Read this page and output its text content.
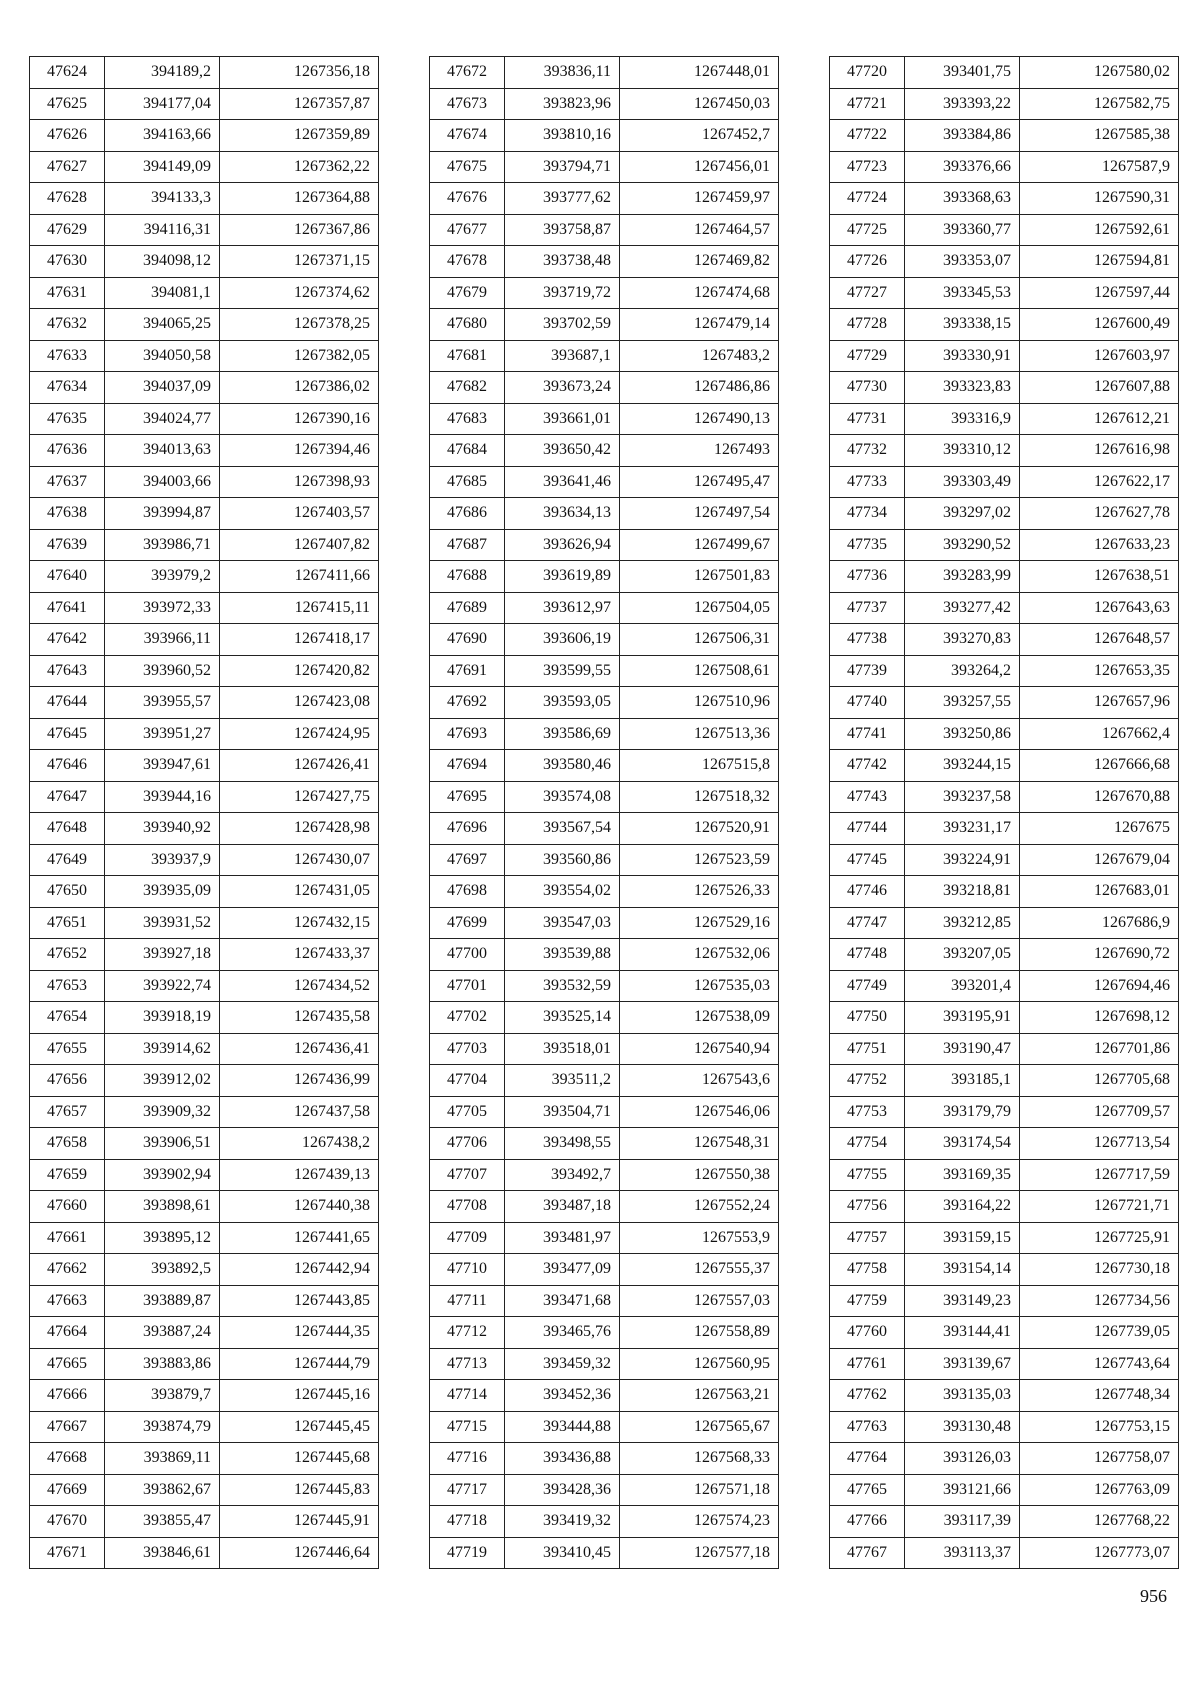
47624	394189,2	1267356,18
47625	394177,04	1267357,87
47626	394163,66	1267359,89
47627	394149,09	1267362,22
47628	394133,3	1267364,88
47629	394116,31	1267367,86
47630	394098,12	1267371,15
47631	394081,1	1267374,62
47632	394065,25	1267378,25
47633	394050,58	1267382,05
47634	394037,09	1267386,02
47635	394024,77	1267390,16
47636	394013,63	1267394,46
47637	394003,66	1267398,93
47638	393994,87	1267403,57
47639	393986,71	1267407,82
47640	393979,2	1267411,66
47641	393972,33	1267415,11
47642	393966,11	1267418,17
47643	393960,52	1267420,82
47644	393955,57	1267423,08
47645	393951,27	1267424,95
47646	393947,61	1267426,41
47647	393944,16	1267427,75
47648	393940,92	1267428,98
47649	393937,9	1267430,07
47650	393935,09	1267431,05
47651	393931,52	1267432,15
47652	393927,18	1267433,37
47653	393922,74	1267434,52
47654	393918,19	1267435,58
47655	393914,62	1267436,41
47656	393912,02	1267436,99
47657	393909,32	1267437,58
47658	393906,51	1267438,2
47659	393902,94	1267439,13
47660	393898,61	1267440,38
47661	393895,12	1267441,65
47662	393892,5	1267442,94
47663	393889,87	1267443,85
47664	393887,24	1267444,35
47665	393883,86	1267444,79
47666	393879,7	1267445,16
47667	393874,79	1267445,45
47668	393869,11	1267445,68
47669	393862,67	1267445,83
47670	393855,47	1267445,91
47671	393846,61	1267446,64
47672	393836,11	1267448,01
47673	393823,96	1267450,03
47674	393810,16	1267452,7
47675	393794,71	1267456,01
47676	393777,62	1267459,97
47677	393758,87	1267464,57
47678	393738,48	1267469,82
47679	393719,72	1267474,68
47680	393702,59	1267479,14
47681	393687,1	1267483,2
47682	393673,24	1267486,86
47683	393661,01	1267490,13
47684	393650,42	1267493
47685	393641,46	1267495,47
47686	393634,13	1267497,54
47687	393626,94	1267499,67
47688	393619,89	1267501,83
47689	393612,97	1267504,05
47690	393606,19	1267506,31
47691	393599,55	1267508,61
47692	393593,05	1267510,96
47693	393586,69	1267513,36
47694	393580,46	1267515,8
47695	393574,08	1267518,32
47696	393567,54	1267520,91
47697	393560,86	1267523,59
47698	393554,02	1267526,33
47699	393547,03	1267529,16
47700	393539,88	1267532,06
47701	393532,59	1267535,03
47702	393525,14	1267538,09
47703	393518,01	1267540,94
47704	393511,2	1267543,6
47705	393504,71	1267546,06
47706	393498,55	1267548,31
47707	393492,7	1267550,38
47708	393487,18	1267552,24
47709	393481,97	1267553,9
47710	393477,09	1267555,37
47711	393471,68	1267557,03
47712	393465,76	1267558,89
47713	393459,32	1267560,95
47714	393452,36	1267563,21
47715	393444,88	1267565,67
47716	393436,88	1267568,33
47717	393428,36	1267571,18
47718	393419,32	1267574,23
47719	393410,45	1267577,18
47720	393401,75	1267580,02
47721	393393,22	1267582,75
47722	393384,86	1267585,38
47723	393376,66	1267587,9
47724	393368,63	1267590,31
47725	393360,77	1267592,61
47726	393353,07	1267594,81
47727	393345,53	1267597,44
47728	393338,15	1267600,49
47729	393330,91	1267603,97
47730	393323,83	1267607,88
47731	393316,9	1267612,21
47732	393310,12	1267616,98
47733	393303,49	1267622,17
47734	393297,02	1267627,78
47735	393290,52	1267633,23
47736	393283,99	1267638,51
47737	393277,42	1267643,63
47738	393270,83	1267648,57
47739	393264,2	1267653,35
47740	393257,55	1267657,96
47741	393250,86	1267662,4
47742	393244,15	1267666,68
47743	393237,58	1267670,88
47744	393231,17	1267675
47745	393224,91	1267679,04
47746	393218,81	1267683,01
47747	393212,85	1267686,9
47748	393207,05	1267690,72
47749	393201,4	1267694,46
47750	393195,91	1267698,12
47751	393190,47	1267701,86
47752	393185,1	1267705,68
47753	393179,79	1267709,57
47754	393174,54	1267713,54
47755	393169,35	1267717,59
47756	393164,22	1267721,71
47757	393159,15	1267725,91
47758	393154,14	1267730,18
47759	393149,23	1267734,56
47760	393144,41	1267739,05
47761	393139,67	1267743,64
47762	393135,03	1267748,34
47763	393130,48	1267753,15
47764	393126,03	1267758,07
47765	393121,66	1267763,09
47766	393117,39	1267768,22
47767	393113,37	1267773,07
956
